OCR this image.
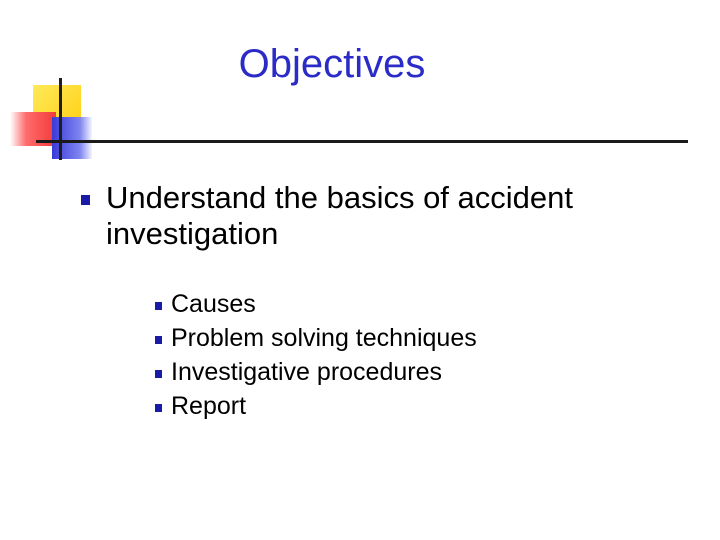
Objectives
Understand the basics of accident investigation
Causes
Problem solving techniques
Investigative procedures
Report
